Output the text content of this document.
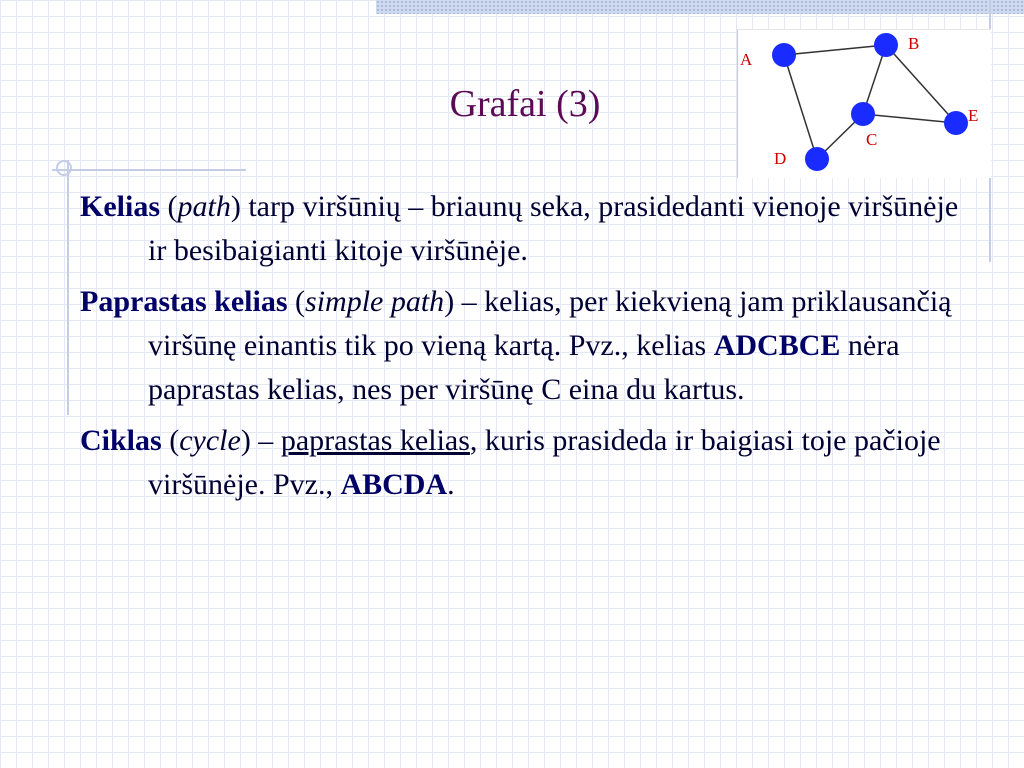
Grafai (3)
A
B
C
D
E

Kelias (path) tarp viršūnių – briaunų seka, prasidedanti vienoje viršūnėje ir besibaigianti kitoje viršūnėje.

Paprastas kelias (simple path) – kelias, per kiekvieną jam priklausančią viršūnę einantis tik po vieną kartą. Pvz., kelias ADCBCE nėra paprastas kelias, nes per viršūnę C eina du kartus.

Ciklas (cycle) – paprastas kelias, kuris prasideda ir baigiasi toje pačioje viršūnėje. Pvz., ABCDA.
